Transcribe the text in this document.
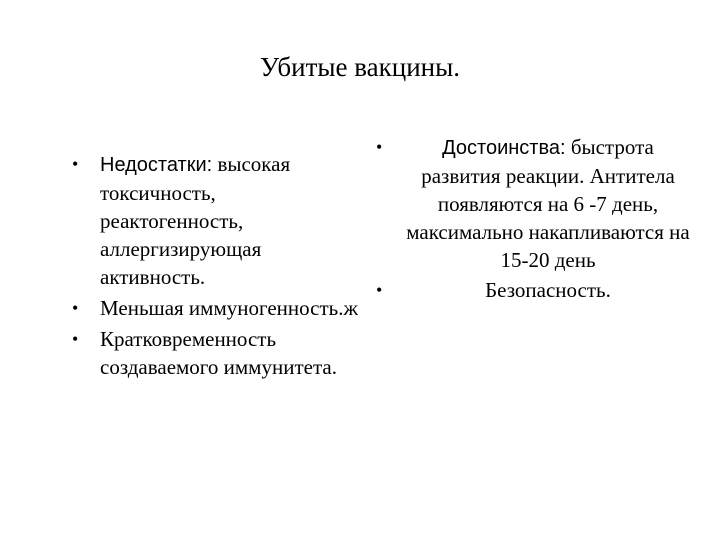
Убитые вакцины.
• Недостатки: высокая токсичность, реактогенность, аллергизирующая активность.
• Меньшая иммуногенность.ж
• Кратковременность создаваемого иммунитета.
•	Достоинства: быстрота развития реакции. Антитела появляются на 6 -7 день, максимально накапливаются на 15-20 день
•	Безопасность.
